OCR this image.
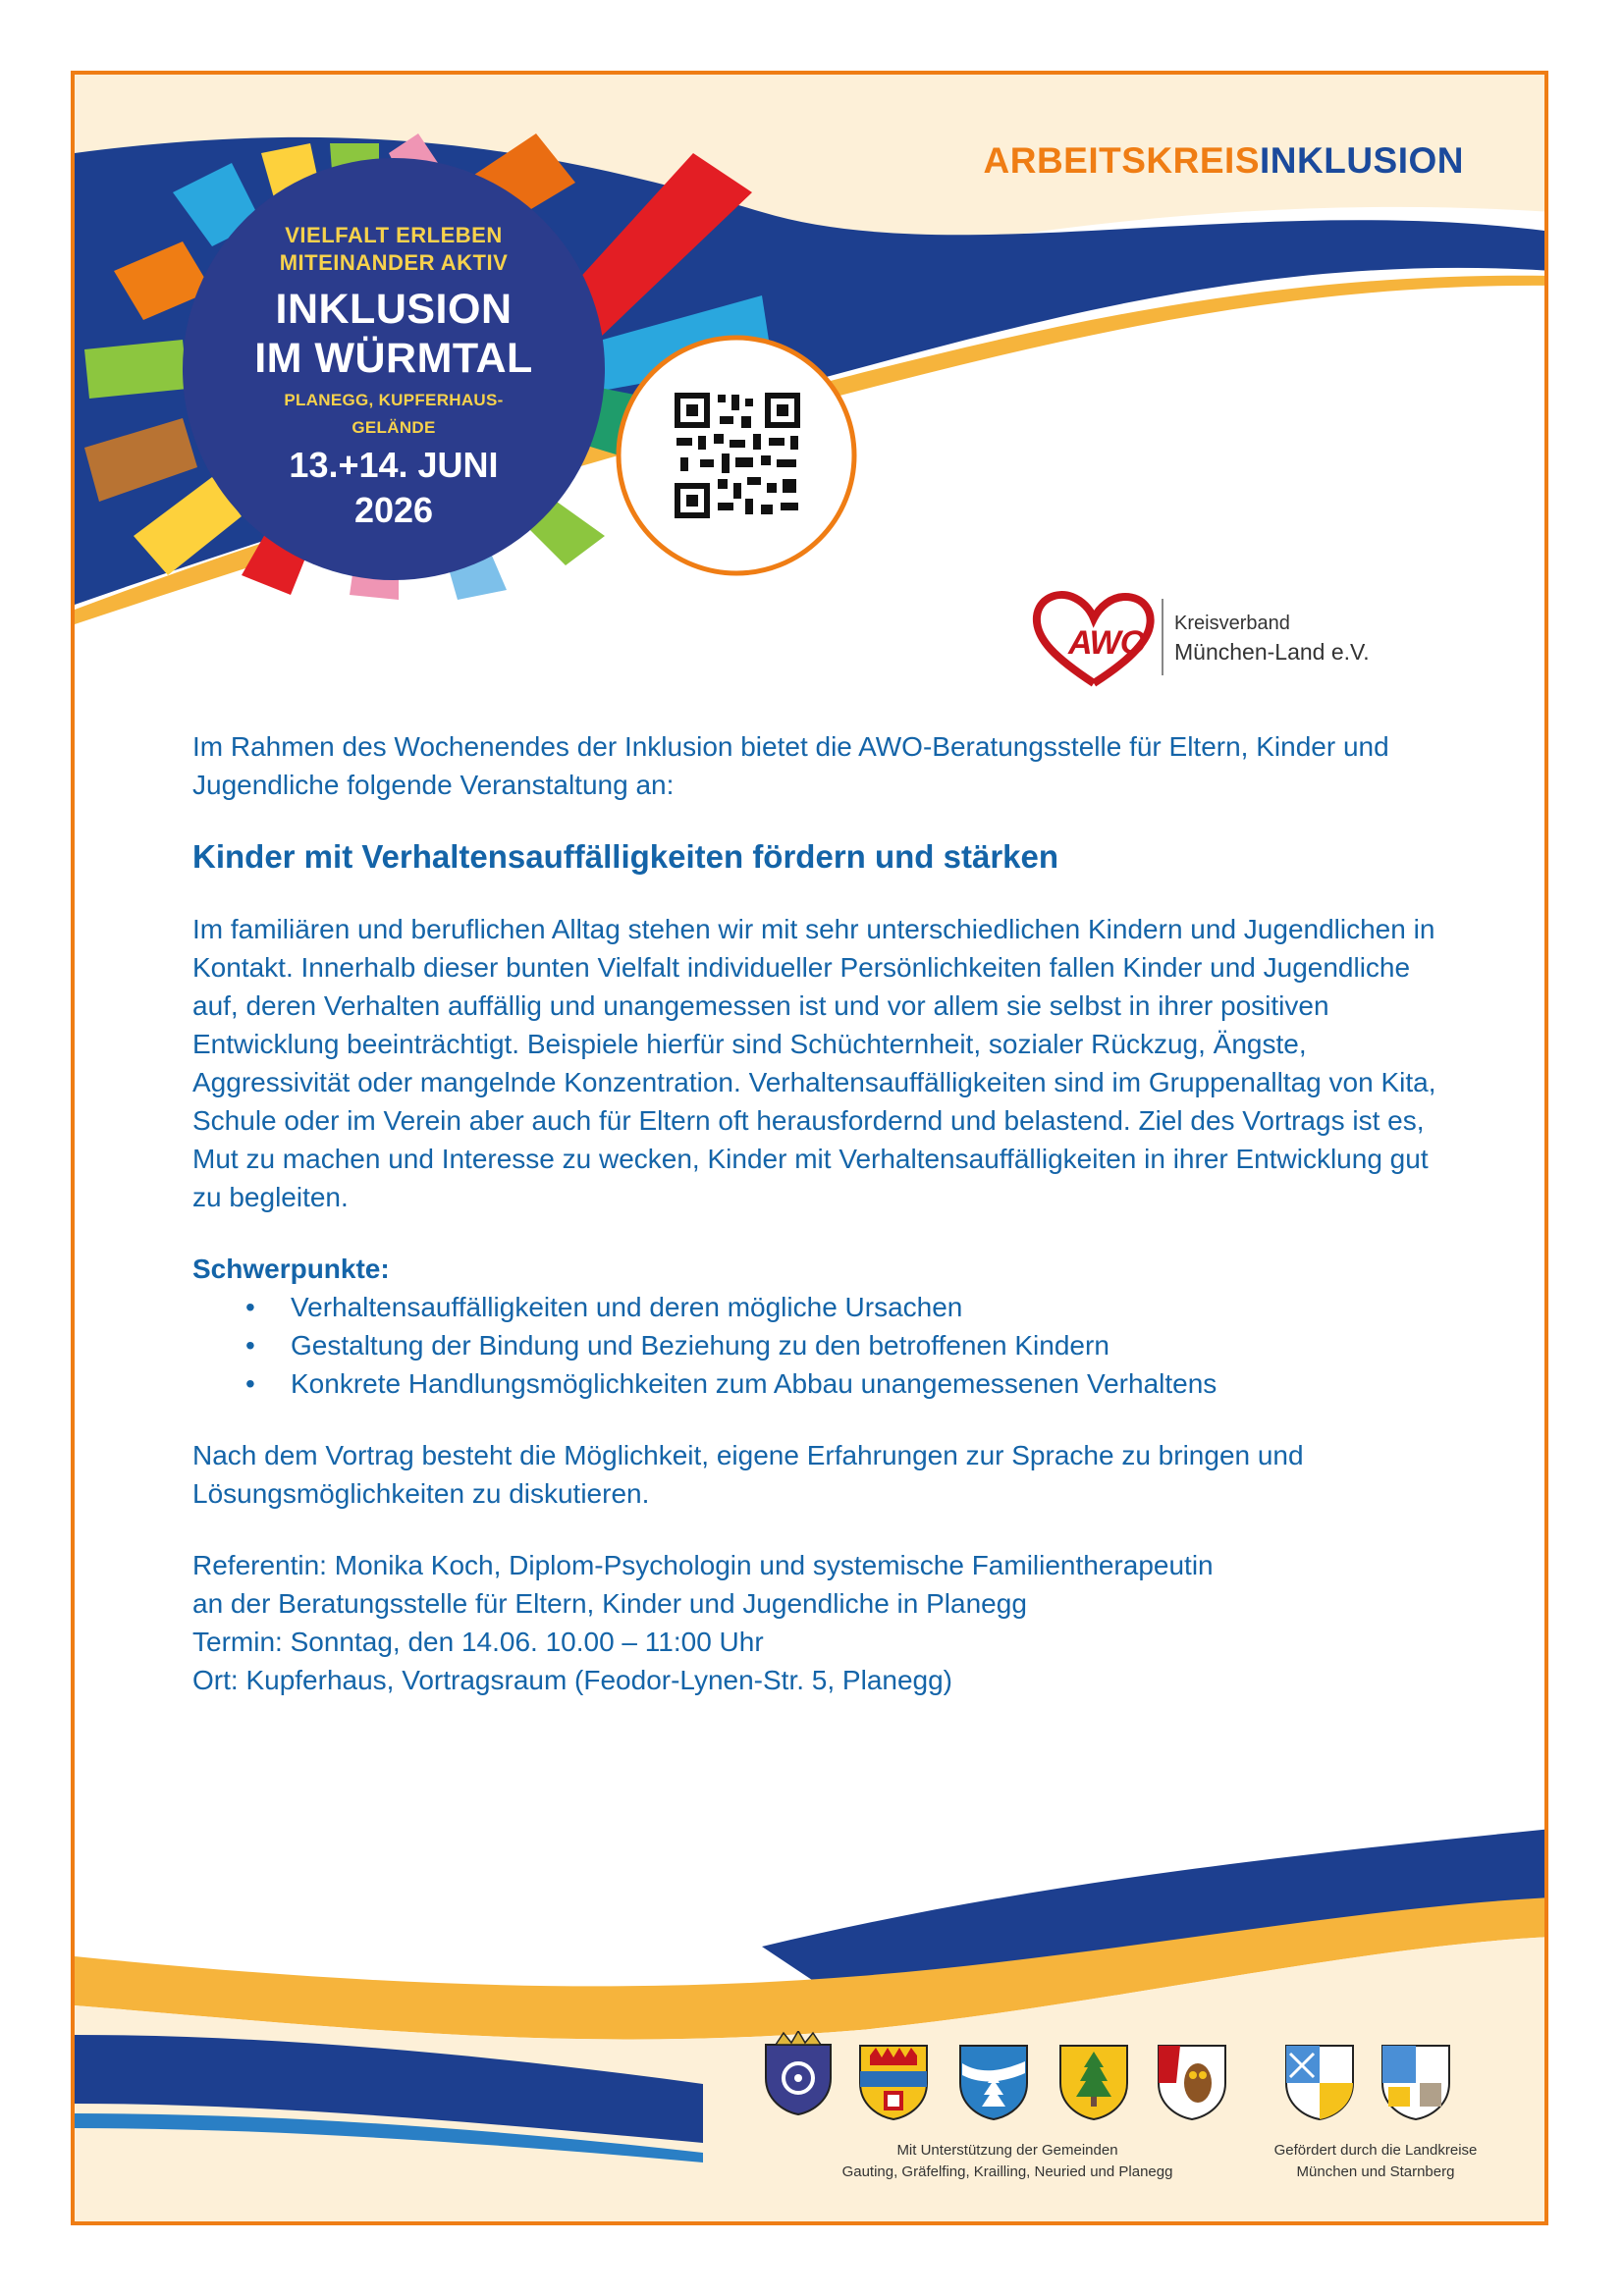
ARBEITSKREISINKLUSION
VIELFALT ERLEBEN
MITEINANDER AKTIV
INKLUSION
IM WÜRMTAL
PLANEGG, KUPFERHAUS-GELÄNDE
13.+14. JUNI
2026
AWO
Kreisverband
München-Land e.V.

Im Rahmen des Wochenendes der Inklusion bietet die AWO-Beratungsstelle für Eltern, Kinder und Jugendliche folgende Veranstaltung an:

Kinder mit Verhaltensauffälligkeiten fördern und stärken

Im familiären und beruflichen Alltag stehen wir mit sehr unterschiedlichen Kindern und Jugendlichen in Kontakt. Innerhalb dieser bunten Vielfalt individueller Persönlichkeiten fallen Kinder und Jugendliche auf, deren Verhalten auffällig und unangemessen ist und vor allem sie selbst in ihrer positiven Entwicklung beeinträchtigt. Beispiele hierfür sind Schüchternheit, sozialer Rückzug, Ängste, Aggressivität oder mangelnde Konzentration. Verhaltensauffälligkeiten sind im Gruppenalltag von Kita, Schule oder im Verein aber auch für Eltern oft herausfordernd und belastend. Ziel des Vortrags ist es, Mut zu machen und Interesse zu wecken, Kinder mit Verhaltensauffälligkeiten in ihrer Entwicklung gut zu begleiten.

Schwerpunkte:

• Verhaltensauffälligkeiten und deren mögliche Ursachen
• Gestaltung der Bindung und Beziehung zu den betroffenen Kindern
• Konkrete Handlungsmöglichkeiten zum Abbau unangemessenen Verhaltens

Nach dem Vortrag besteht die Möglichkeit, eigene Erfahrungen zur Sprache zu bringen und Lösungsmöglichkeiten zu diskutieren.

Referentin: Monika Koch, Diplom-Psychologin und systemische Familientherapeutin

an der Beratungsstelle für Eltern, Kinder und Jugendliche in Planegg

Termin: Sonntag, den 14.06. 10.00 – 11:00 Uhr

Ort: Kupferhaus, Vortragsraum (Feodor-Lynen-Str. 5, Planegg)

Mit Unterstützung der Gemeinden
Gauting, Gräfelfing, Krailling, Neuried und Planegg
Gefördert durch die Landkreise
München und Starnberg
